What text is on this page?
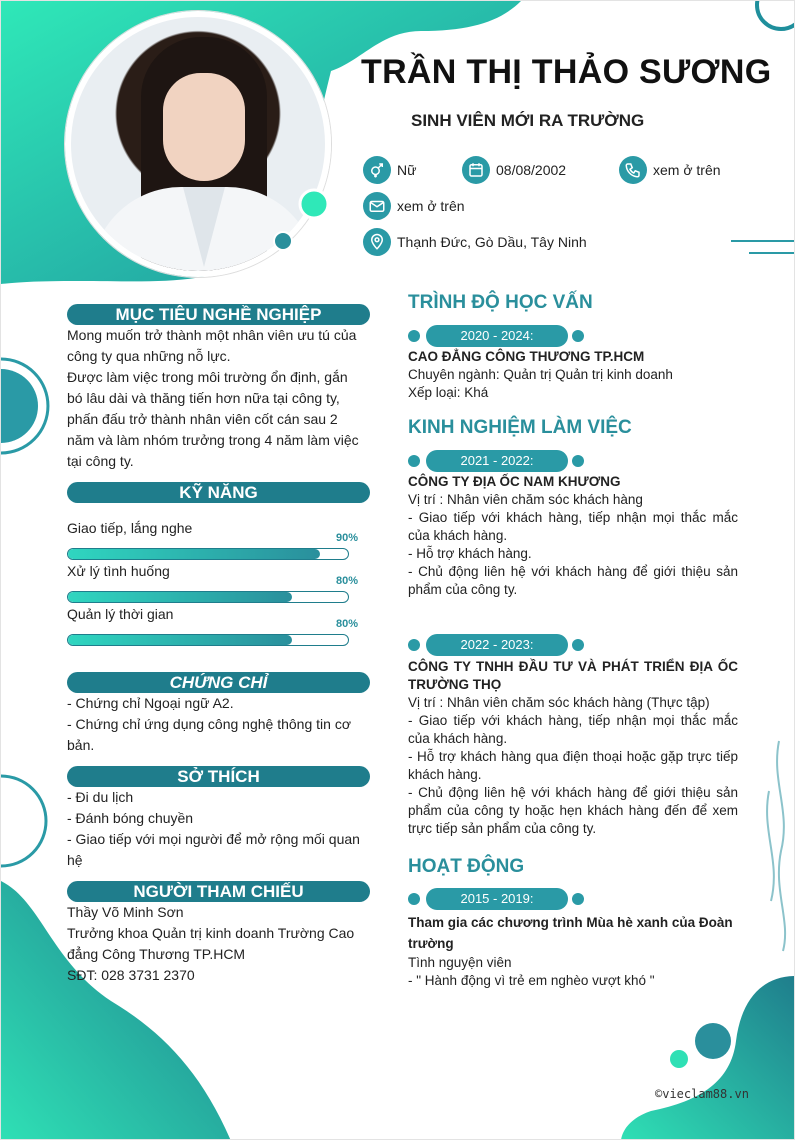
TRẦN THỊ THẢO SƯƠNG
SINH VIÊN MỚI RA TRƯỜNG
Nữ	08/08/2002	xem ở trên
xem ở trên
Thạnh Đức, Gò Dầu, Tây Ninh
MỤC TIÊU NGHỀ NGHIỆP

Mong muốn trở thành một nhân viên ưu tú của công ty qua những nỗ lực.

Được làm việc trong môi trường ổn định, gắn bó lâu dài và thăng tiến hơn nữa tại công ty, phấn đấu trở thành nhân viên cốt cán sau 2 năm và làm nhóm trưởng trong 4 năm làm việc tại công ty.

KỸ NĂNG
Giao tiếp, lắng nghe
90%
Xử lý tình huống
80%
Quản lý thời gian
80%
CHỨNG CHỈ

- Chứng chỉ Ngoại ngữ A2.

- Chứng chỉ ứng dụng công nghệ thông tin cơ bản.

SỞ THÍCH

- Đi du lịch

- Đánh bóng chuyền

- Giao tiếp với mọi người để mở rộng mối quan hệ

NGƯỜI THAM CHIẾU

Thầy Võ Minh Sơn

Trưởng khoa Quản trị kinh doanh Trường Cao đẳng Công Thương TP.HCM

SĐT: 028 3731 2370

TRÌNH ĐỘ HỌC VẤN
2020 - 2024:

CAO ĐẲNG CÔNG THƯƠNG TP.HCM

Chuyên ngành: Quản trị Quản trị kinh doanh

Xếp loại: Khá

KINH NGHIỆM LÀM VIỆC
2021 - 2022:

CÔNG TY ĐỊA ỐC NAM KHƯƠNG

Vị trí : Nhân viên chăm sóc khách hàng

- Giao tiếp với khách hàng, tiếp nhận mọi thắc mắc của khách hàng.

- Hỗ trợ khách hàng.

- Chủ động liên hệ với khách hàng để giới thiệu sản phẩm của công ty.

2022 - 2023:

CÔNG TY TNHH ĐẦU TƯ VÀ PHÁT TRIỂN ĐỊA ỐC TRƯỜNG THỌ

Vị trí : Nhân viên chăm sóc khách hàng (Thực tập)

- Giao tiếp với khách hàng, tiếp nhận mọi thắc mắc của khách hàng.

- Hỗ trợ khách hàng qua điện thoại hoặc gặp trực tiếp khách hàng.

- Chủ động liên hệ với khách hàng để giới thiệu sản phẩm của công ty hoặc hẹn khách hàng đến để xem trực tiếp sản phẩm của công ty.

HOẠT ĐỘNG
2015 - 2019:

Tham gia các chương trình Mùa hè xanh của Đoàn trường

Tình nguyện viên

- " Hành động vì trẻ em nghèo vượt khó "

©vieclam88.vn
